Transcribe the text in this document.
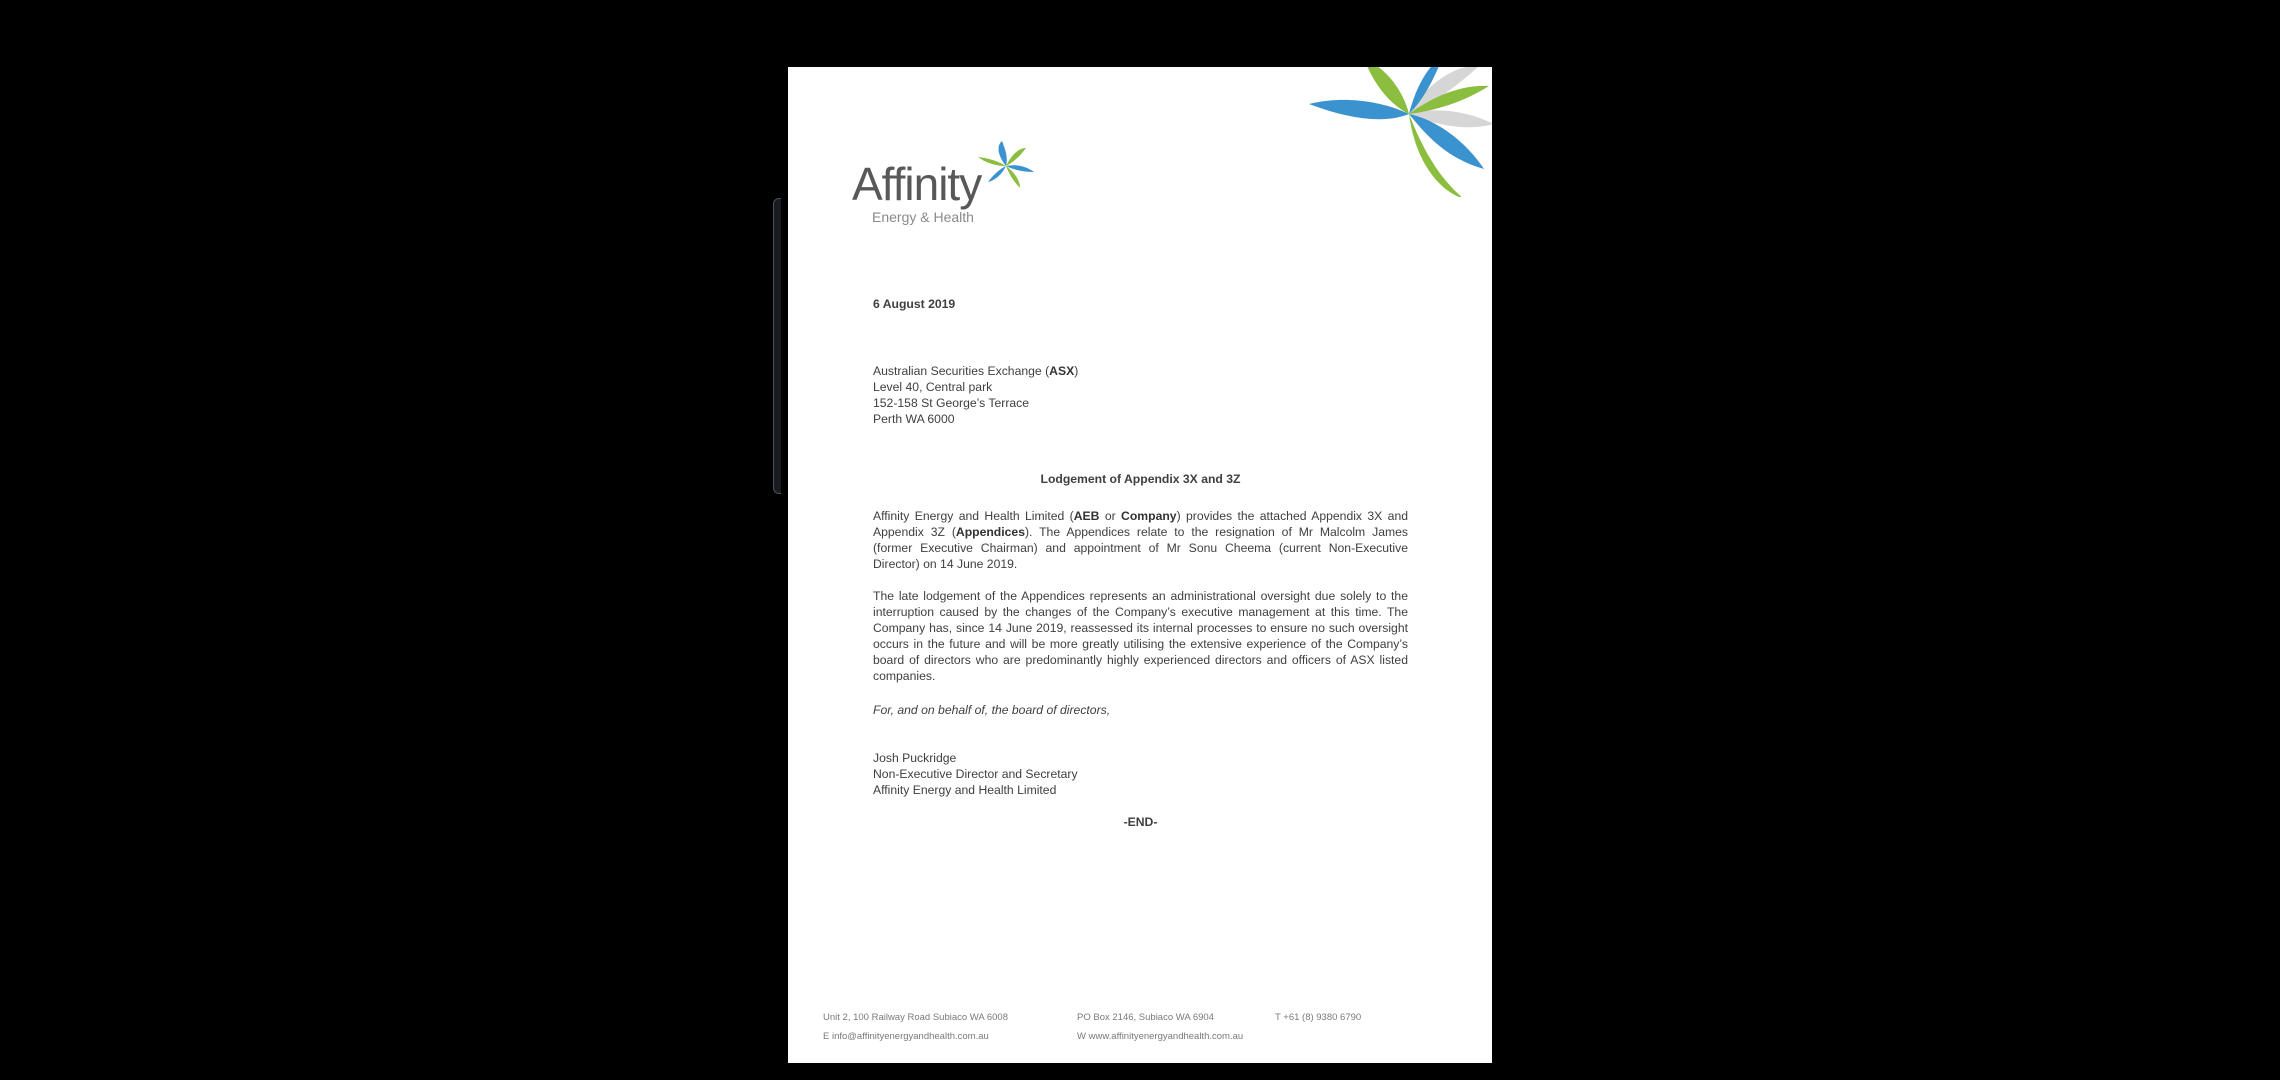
Affinity
Energy & Health
6 August 2019
Australian Securities Exchange (ASX)
Level 40, Central park
152-158 St George’s Terrace
Perth WA 6000
Lodgement of Appendix 3X and 3Z
Affinity Energy and Health Limited (AEB or Company) provides the attached Appendix 3X and Appendix 3Z (Appendices). The Appendices relate to the resignation of Mr Malcolm James (former Executive Chairman) and appointment of Mr Sonu Cheema (current Non-Executive Director) on 14 June 2019.
The late lodgement of the Appendices represents an administrational oversight due solely to the interruption caused by the changes of the Company’s executive management at this time. The Company has, since 14 June 2019, reassessed its internal processes to ensure no such oversight occurs in the future and will be more greatly utilising the extensive experience of the Company’s board of directors who are predominantly highly experienced directors and officers of ASX listed companies.
For, and on behalf of, the board of directors,
Josh Puckridge
Non-Executive Director and Secretary
Affinity Energy and Health Limited
-END-
Unit 2, 100 Railway Road Subiaco WA 6008	PO Box 2146, Subiaco WA 6904	T +61 (8) 9380 6790
E info@affinityenergyandhealth.com.au	W www.affinityenergyandhealth.com.au
